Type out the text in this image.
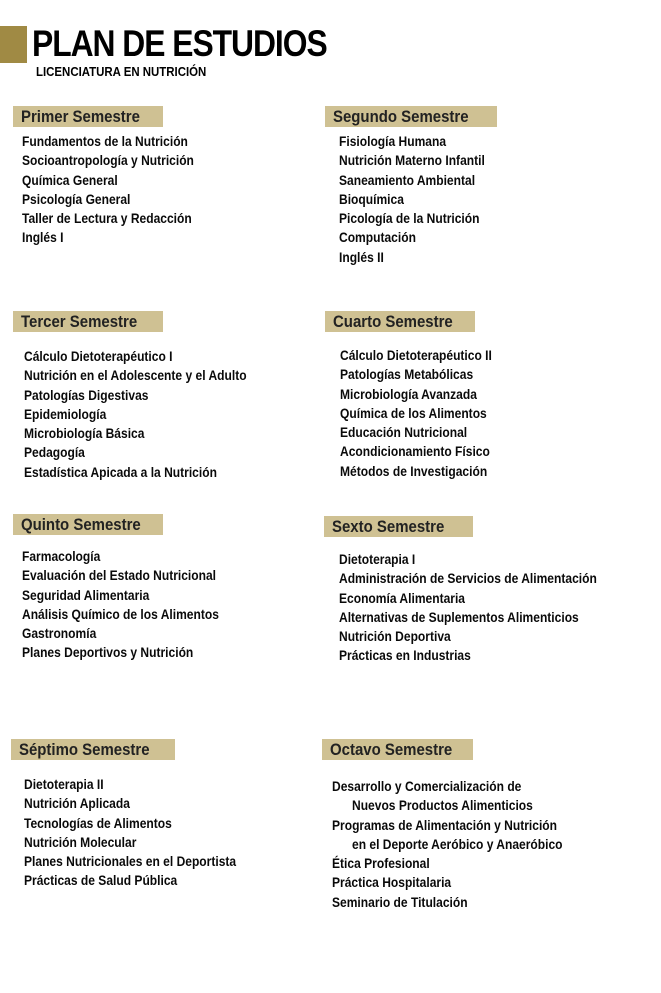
PLAN DE ESTUDIOS
LICENCIATURA EN NUTRICIÓN
Primer Semestre
Fundamentos de la Nutrición
Socioantropología y Nutrición
Química General
Psicología General
Taller de Lectura y Redacción
Inglés I
Segundo Semestre
Fisiología Humana
Nutrición Materno Infantil
Saneamiento Ambiental
Bioquímica
Picología de la Nutrición
Computación
Inglés II
Tercer Semestre
Cálculo Dietoterapéutico I
Nutrición en el Adolescente y el Adulto
Patologías Digestivas
Epidemiología
Microbiología Básica
Pedagogía
Estadística Apicada a la Nutrición
Cuarto Semestre
Cálculo Dietoterapéutico II
Patologías Metabólicas
Microbiología Avanzada
Química de los Alimentos
Educación Nutricional
Acondicionamiento Físico
Métodos de Investigación
Quinto Semestre
Farmacología
Evaluación del Estado Nutricional
Seguridad Alimentaria
Análisis Químico de los Alimentos
Gastronomía
Planes Deportivos y Nutrición
Sexto Semestre
Dietoterapia I
Administración de Servicios de Alimentación
Economía Alimentaria
Alternativas de Suplementos Alimenticios
Nutrición Deportiva
Prácticas en Industrias
Séptimo Semestre
Dietoterapia II
Nutrición Aplicada
Tecnologías de Alimentos
Nutrición Molecular
Planes Nutricionales en el Deportista
Prácticas de Salud Pública
Octavo Semestre
Desarrollo y Comercialización de
Nuevos Productos Alimenticios
Programas de Alimentación y Nutrición
en el Deporte Aeróbico y Anaeróbico
Ética Profesional
Práctica Hospitalaria
Seminario de Titulación
